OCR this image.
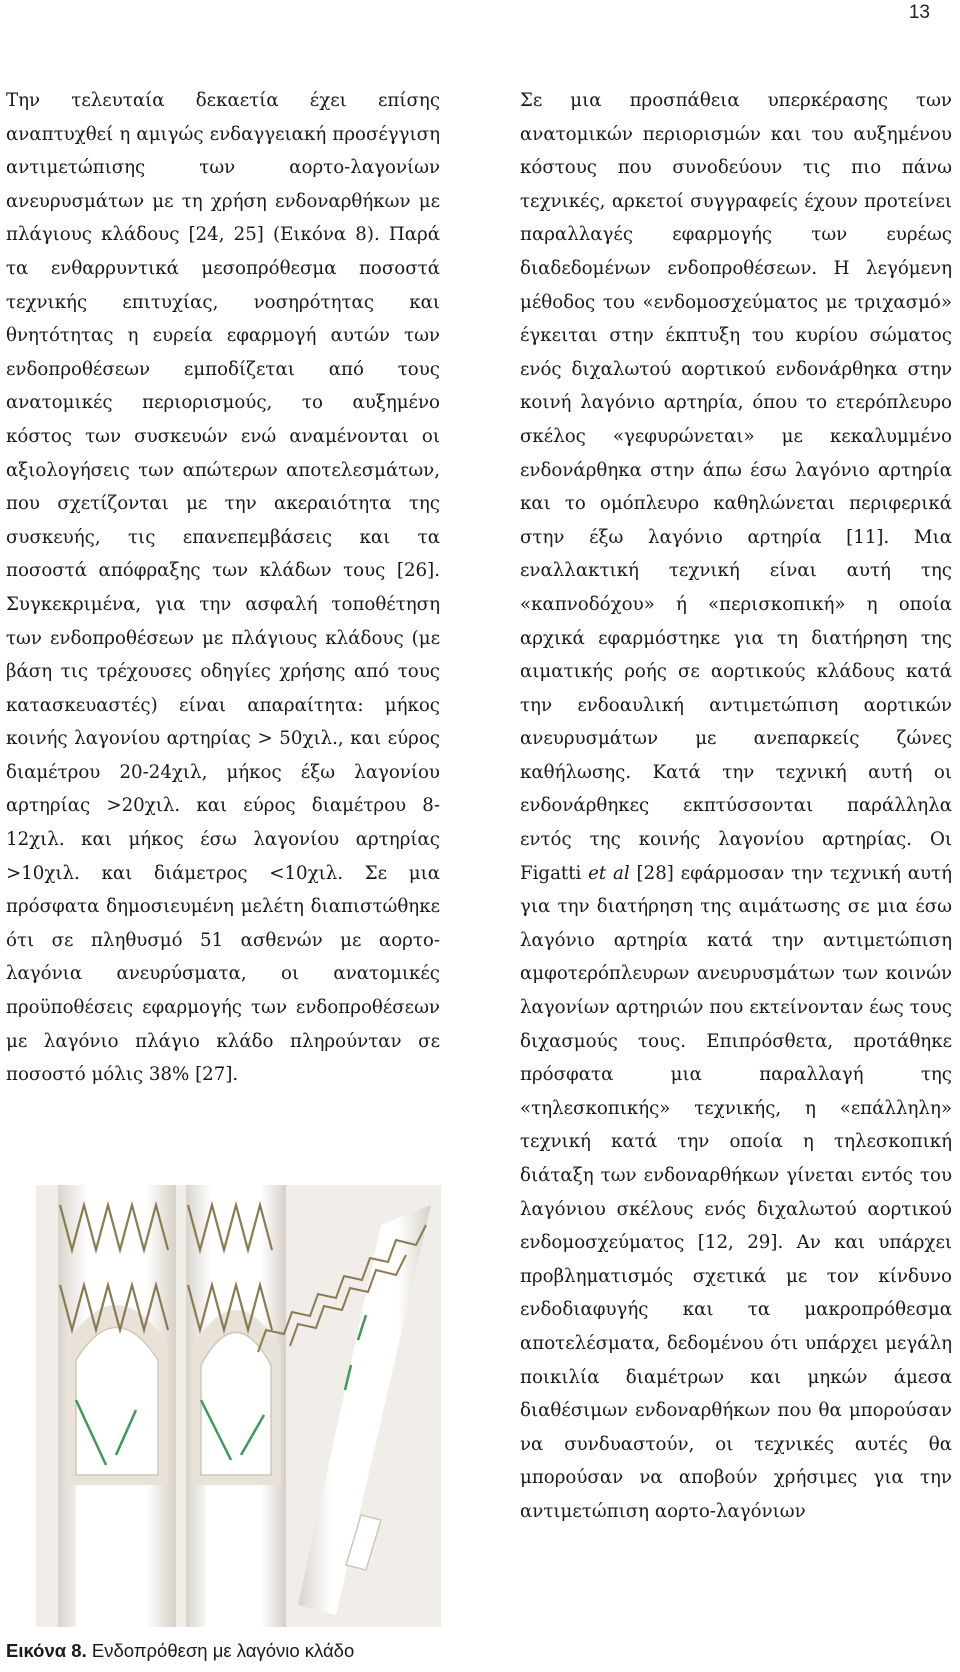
13

Την τελευταία δεκαετία έχει επίσης αναπτυχθεί η αμιγώς ενδαγγειακή προσέγγιση αντιμετώπισης των αορτο-λαγονίων ανευρυσμάτων με τη χρήση ενδοναρθήκων με πλάγιους κλάδους [24, 25] (Εικόνα 8). Παρά τα ενθαρρυντικά μεσοπρόθεσμα ποσοστά τεχνικής επιτυχίας, νοσηρότητας και θνητότητας η ευρεία εφαρμογή αυτών των ενδοπροθέσεων εμποδίζεται από τους ανατομικές περιορισμούς, το αυξημένο κόστος των συσκευών ενώ αναμένονται οι αξιολογήσεις των απώτερων αποτελεσμάτων, που σχετίζονται με την ακεραιότητα της συσκευής, τις επανεπεμβάσεις και τα ποσοστά απόφραξης των κλάδων τους [26]. Συγκεκριμένα, για την ασφαλή τοποθέτηση των ενδοπροθέσεων με πλάγιους κλάδους (με βάση τις τρέχουσες οδηγίες χρήσης από τους κατασκευαστές) είναι απαραίτητα: μήκος κοινής λαγονίου αρτηρίας > 50χιλ., και εύρος διαμέτρου 20-24χιλ, μήκος έξω λαγονίου αρτηρίας >20χιλ. και εύρος διαμέτρου 8-12χιλ. και μήκος έσω λαγονίου αρτηρίας >10χιλ. και διάμετρος <10χιλ. Σε μια πρόσφατα δημοσιευμένη μελέτη διαπιστώθηκε ότι σε πληθυσμό 51 ασθενών με αορτο-λαγόνια ανευρύσματα, οι ανατομικές προϋποθέσεις εφαρμογής των ενδοπροθέσεων με λαγόνιο πλάγιο κλάδο πληρούνταν σε ποσοστό μόλις 38% [27].

Σε μια προσπάθεια υπερκέρασης των ανατομικών περιορισμών και του αυξημένου κόστους που συνοδεύουν τις πιο πάνω τεχνικές, αρκετοί συγγραφείς έχουν προτείνει παραλλαγές εφαρμογής των ευρέως διαδεδομένων ενδοπροθέσεων. Η λεγόμενη μέθοδος του «ενδομοσχεύματος με τριχασμό» έγκειται στην έκπτυξη του κυρίου σώματος ενός διχαλωτού αορτικού ενδονάρθηκα στην κοινή λαγόνιο αρτηρία, όπου το ετερόπλευρο σκέλος «γεφυρώνεται» με κεκαλυμμένο ενδονάρθηκα στην άπω έσω λαγόνιο αρτηρία και το ομόπλευρο καθηλώνεται περιφερικά στην έξω λαγόνιο αρτηρία [11]. Μια εναλλακτική τεχνική είναι αυτή της «καπνοδόχου» ή «περισκοπική» η οποία αρχικά εφαρμόστηκε για τη διατήρηση της αιματικής ροής σε αορτικούς κλάδους κατά την ενδοαυλική αντιμετώπιση αορτικών ανευρυσμάτων με ανεπαρκείς ζώνες καθήλωσης. Κατά την τεχνική αυτή οι ενδονάρθηκες εκπτύσσονται παράλληλα εντός της κοινής λαγονίου αρτηρίας. Οι Figatti et al [28] εφάρμοσαν την τεχνική αυτή για την διατήρηση της αιμάτωσης σε μια έσω λαγόνιο αρτηρία κατά την αντιμετώπιση αμφοτερόπλευρων ανευρυσμάτων των κοινών λαγονίων αρτηριών που εκτείνονταν έως τους διχασμούς τους. Επιπρόσθετα, προτάθηκε πρόσφατα μια παραλλαγή της «τηλεσκοπικής» τεχνικής, η «επάλληλη» τεχνική κατά την οποία η τηλεσκοπική διάταξη των ενδοναρθήκων γίνεται εντός του λαγόνιου σκέλους ενός διχαλωτού αορτικού ενδομοσχεύματος [12, 29]. Αν και υπάρχει προβληματισμός σχετικά με τον κίνδυνο ενδοδιαφυγής και τα μακροπρόθεσμα αποτελέσματα, δεδομένου ότι υπάρχει μεγάλη ποικιλία διαμέτρων και μηκών άμεσα διαθέσιμων ενδοναρθήκων που θα μπορούσαν να συνδυαστούν, οι τεχνικές αυτές θα μπορούσαν να αποβούν χρήσιμες για την αντιμετώπιση αορτο-λαγόνιων

Εικόνα 8. Ενδοπρόθεση με λαγόνιο κλάδο
